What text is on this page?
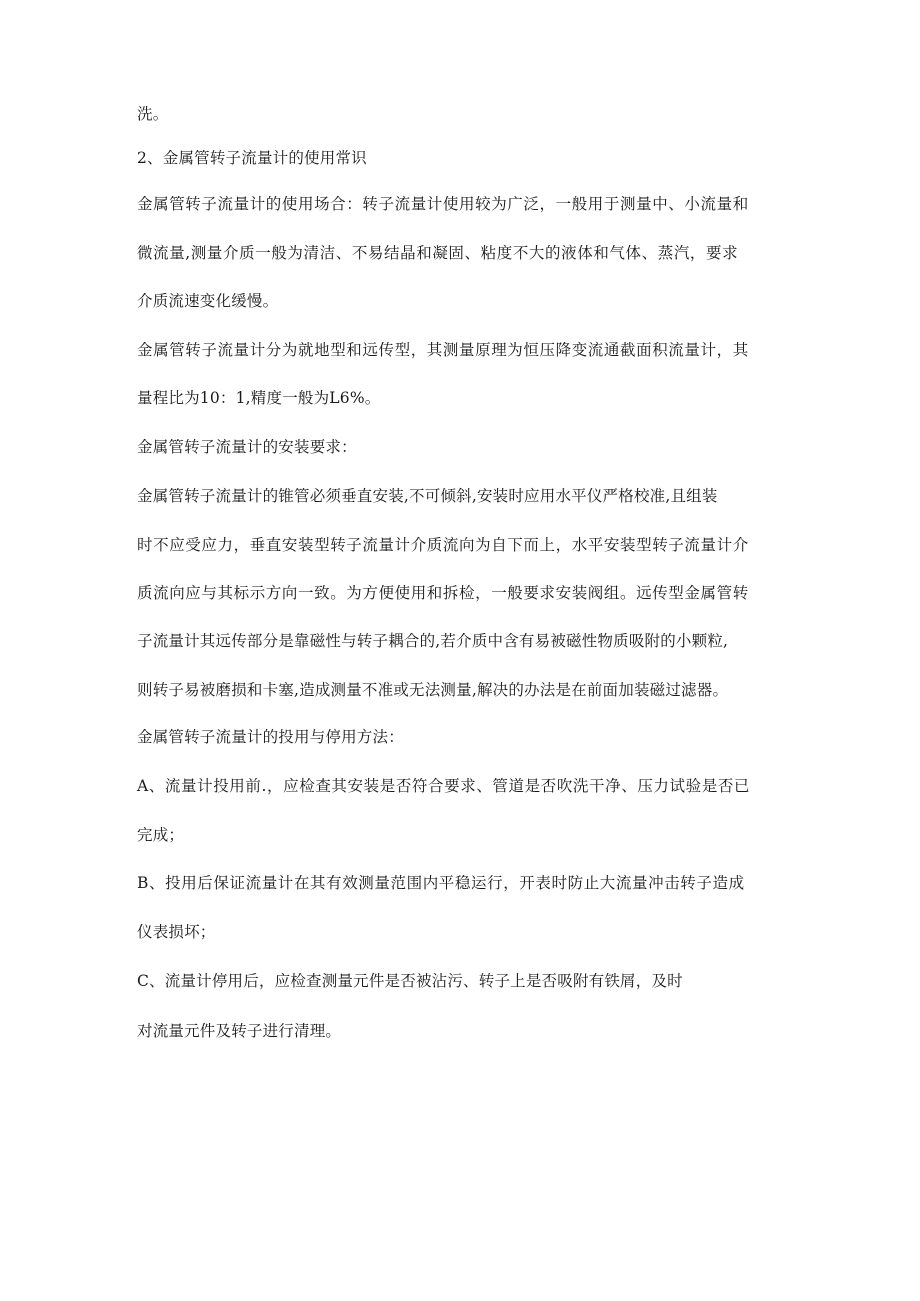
洗。
2、金属管转子流量计的使用常识
金属管转子流量计的使用场合：转子流量计使用较为广泛，一般用于测量中、小流量和
微流量,测量介质一般为清洁、不易结晶和凝固、粘度不大的液体和气体、蒸汽，要求
介质流速变化缓慢。
金属管转子流量计分为就地型和远传型，其测量原理为恒压降变流通截面积流量计，其
量程比为10：1,精度一般为L6%。
金属管转子流量计的安装要求：
金属管转子流量计的锥管必须垂直安装,不可倾斜,安装时应用水平仪严格校准,且组装
时不应受应力，垂直安装型转子流量计介质流向为自下而上，水平安装型转子流量计介
质流向应与其标示方向一致。为方便使用和拆检，一般要求安装阀组。远传型金属管转
子流量计其远传部分是靠磁性与转子耦合的,若介质中含有易被磁性物质吸附的小颗粒,
则转子易被磨损和卡塞,造成测量不准或无法测量,解决的办法是在前面加装磁过滤器。
金属管转子流量计的投用与停用方法：
A、流量计投用前.，应检查其安装是否符合要求、管道是否吹洗干净、压力试验是否已
完成；
B、投用后保证流量计在其有效测量范围内平稳运行，开表时防止大流量冲击转子造成
仪表损坏；
C、流量计停用后，应检查测量元件是否被沾污、转子上是否吸附有铁屑，及时
对流量元件及转子进行清理。
